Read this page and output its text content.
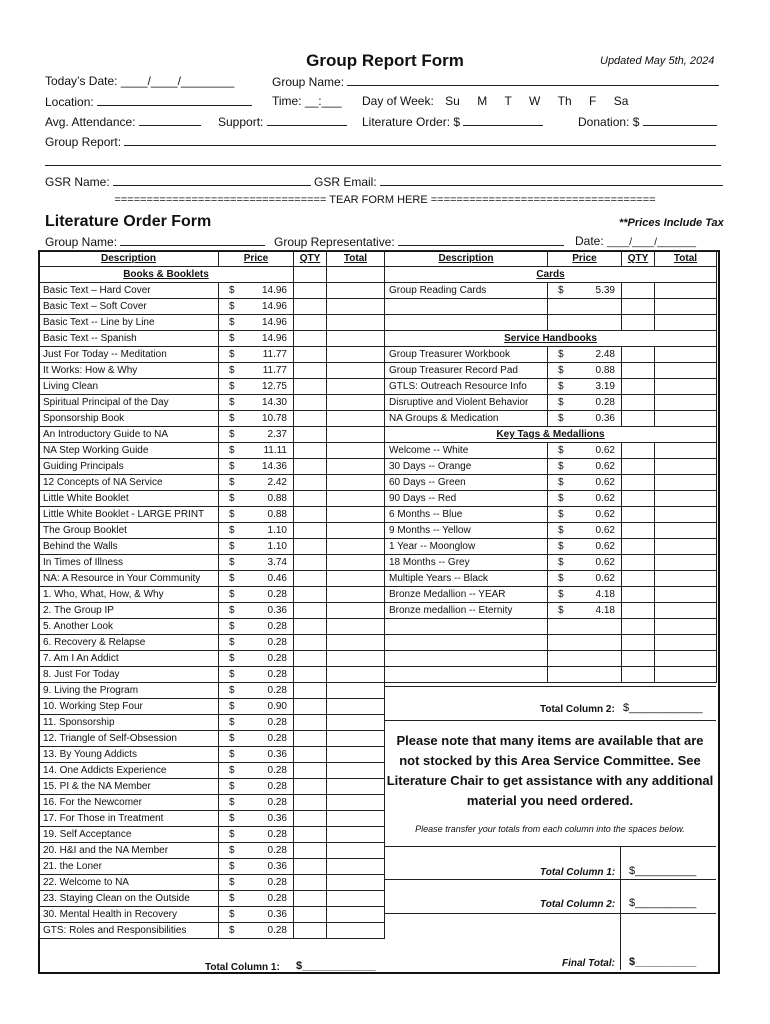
Group Report Form	Updated May 5th, 2024
Today’s Date: ____/____/________	Group Name:
Location:	Time: __:___ Day of Week: Su M T W Th F Sa
Avg. Attendance:	Support:	Literature Order: $	Donation: $
Group Report:
GSR Name:	GSR Email:
================================= TEAR FORM HERE ===================================
Literature Order Form	**Prices Include Tax
Group Name:	Group Representative:	Date: ____/____/_______
Description	Price	QTY	Total
Books & Booklets			
Basic Text – Hard Cover	$ 14.96		

Basic Text – Soft Cover	$ 14.96		

Basic Text -- Line by Line	$ 14.96		

Basic Text -- Spanish	$ 14.96		

Just For Today -- Meditation	$ 11.77		

It Works: How & Why	$ 11.77		

Living Clean	$ 12.75		

Spiritual Principal of the Day	$ 14.30		

Sponsorship Book	$ 10.78		

An Introductory Guide to NA	$ 2.37		

NA Step Working Guide	$ 11.11		

Guiding Principals	$ 14.36		

12 Concepts of NA Service	$ 2.42		

Little White Booklet	$ 0.88		

Little White Booklet - LARGE PRINT	$ 0.88		

The Group Booklet	$ 1.10		

Behind the Walls	$ 1.10		

In Times of Illness	$ 3.74		

NA: A Resource in Your Community	$ 0.46		

1. Who, What, How, & Why	$ 0.28		

2. The Group IP	$ 0.36		

5. Another Look	$ 0.28		

6. Recovery & Relapse	$ 0.28		

7. Am I An Addict	$ 0.28		

8. Just For Today	$ 0.28		

9. Living the Program	$ 0.28		

10. Working Step Four	$ 0.90		

11. Sponsorship	$ 0.28		

12. Triangle of Self-Obsession	$ 0.28		

13. By Young Addicts	$ 0.36		

14. One Addicts Experience	$ 0.28		

15. PI & the NA Member	$ 0.28		

16. For the Newcomer	$ 0.28		

17. For Those in Treatment	$ 0.36		

19. Self Acceptance	$ 0.28		

20. H&I and the NA Member	$ 0.28		

21. the Loner	$ 0.36		

22. Welcome to NA	$ 0.28		

23. Staying Clean on the Outside	$ 0.28		

30. Mental Health in Recovery	$ 0.36		

GTS: Roles and Responsibilities	$ 0.28		

Total Column 1: $____________
Description	Price	QTY	Total
Cards			
Group Reading Cards	$ 5.39		

Service Handbooks			
Group Treasurer Workbook	$ 2.48		

Group Treasurer Record Pad	$ 0.88		

GTLS: Outreach Resource Info	$ 3.19		

Disruptive and Violent Behavior	$ 0.28		

NA Groups & Medication	$ 0.36		

Key Tags & Medallions			
Welcome -- White	$ 0.62		

30 Days -- Orange	$ 0.62		

60 Days -- Green	$ 0.62		

90 Days -- Red	$ 0.62		

6 Months -- Blue	$ 0.62		

9 Months -- Yellow	$ 0.62		

1 Year -- Moonglow	$ 0.62		

18 Months -- Grey	$ 0.62		

Multiple Years -- Black	$ 0.62		

Bronze Medallion -- YEAR	$ 4.18		

Bronze medallion -- Eternity	$ 4.18		

Total Column 2: $____________
Please note that many items are available that are not stocked by this Area Service Committee. See Literature Chair to get assistance with any additional material you need ordered.
Please transfer your totals from each column into the spaces below.
Total Column 1: $__________
Total Column 2: $__________
Final Total: $__________
